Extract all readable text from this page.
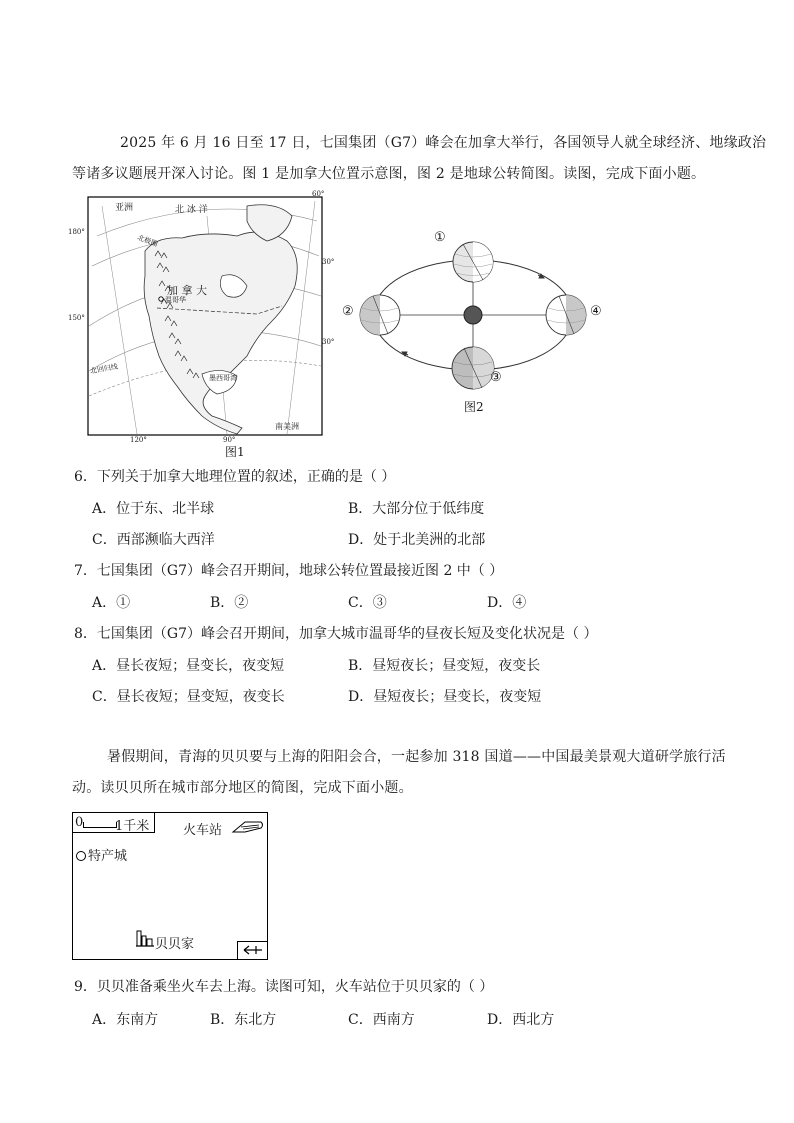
2025 年 6 月 16 日至 17 日，七国集团（G7）峰会在加拿大举行，各国领导人就全球经济、地缘政治
等诸多议题展开深入讨论。图 1 是加拿大位置示意图，图 2 是地球公转简图。读图，完成下面小题。
亚洲	北 冰 洋
北极圈
加 拿 大
温哥华
墨西哥湾
北回归线
南美洲
60°
180°
150°
30°
30°
120°	90°
图1
①
②
③
④
图2
6．下列关于加拿大地理位置的叙述，正确的是（ ）
A．位于东、北半球	B．大部分位于低纬度
C．西部濒临大西洋	D．处于北美洲的北部
7．七国集团（G7）峰会召开期间，地球公转位置最接近图 2 中（ ）
A．①	B．②	C．③	D．④
8．七国集团（G7）峰会召开期间，加拿大城市温哥华的昼夜长短及变化状况是（ ）
A．昼长夜短；昼变长，夜变短	B．昼短夜长；昼变短，夜变长
C．昼长夜短；昼变短，夜变长	D．昼短夜长；昼变长，夜变短
暑假期间，青海的贝贝要与上海的阳阳会合，一起参加 318 国道——中国最美景观大道研学旅行活
动。读贝贝所在城市部分地区的简图，完成下面小题。
0 1千米	火车站
特产城
贝贝家
9．贝贝准备乘坐火车去上海。读图可知，火车站位于贝贝家的（ ）
A．东南方	B．东北方	C．西南方	D．西北方
